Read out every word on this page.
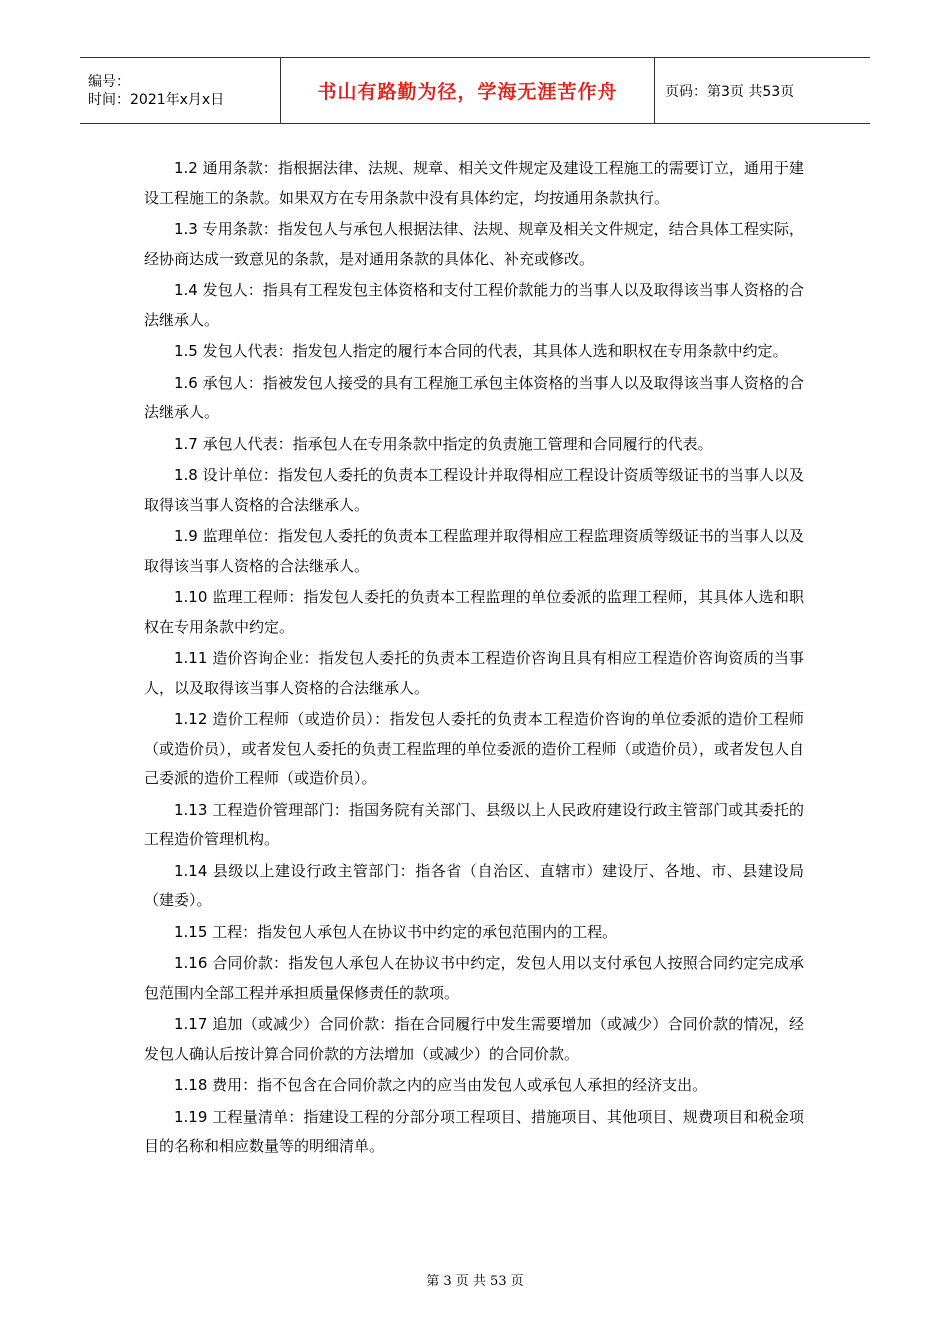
编号：
时间：2021年x月x日	书山有路勤为径，学海无涯苦作舟	页码：第3页 共53页

1.2 通用条款：指根据法律、法规、规章、相关文件规定及建设工程施工的需要订立，通用于建设工程施工的条款。如果双方在专用条款中没有具体约定，均按通用条款执行。

1.3 专用条款：指发包人与承包人根据法律、法规、规章及相关文件规定，结合具体工程实际，经协商达成一致意见的条款，是对通用条款的具体化、补充或修改。

1.4 发包人：指具有工程发包主体资格和支付工程价款能力的当事人以及取得该当事人资格的合法继承人。

1.5 发包人代表：指发包人指定的履行本合同的代表，其具体人选和职权在专用条款中约定。

1.6 承包人：指被发包人接受的具有工程施工承包主体资格的当事人以及取得该当事人资格的合法继承人。

1.7 承包人代表：指承包人在专用条款中指定的负责施工管理和合同履行的代表。

1.8 设计单位：指发包人委托的负责本工程设计并取得相应工程设计资质等级证书的当事人以及取得该当事人资格的合法继承人。

1.9 监理单位：指发包人委托的负责本工程监理并取得相应工程监理资质等级证书的当事人以及取得该当事人资格的合法继承人。

1.10 监理工程师：指发包人委托的负责本工程监理的单位委派的监理工程师，其具体人选和职权在专用条款中约定。

1.11 造价咨询企业：指发包人委托的负责本工程造价咨询且具有相应工程造价咨询资质的当事人，以及取得该当事人资格的合法继承人。

1.12 造价工程师（或造价员）：指发包人委托的负责本工程造价咨询的单位委派的造价工程师（或造价员），或者发包人委托的负责工程监理的单位委派的造价工程师（或造价员），或者发包人自己委派的造价工程师（或造价员）。

1.13 工程造价管理部门：指国务院有关部门、县级以上人民政府建设行政主管部门或其委托的工程造价管理机构。

1.14 县级以上建设行政主管部门：指各省（自治区、直辖市）建设厅、各地、市、县建设局（建委）。

1.15 工程：指发包人承包人在协议书中约定的承包范围内的工程。

1.16 合同价款：指发包人承包人在协议书中约定，发包人用以支付承包人按照合同约定完成承包范围内全部工程并承担质量保修责任的款项。

1.17 追加（或减少）合同价款：指在合同履行中发生需要增加（或减少）合同价款的情况，经发包人确认后按计算合同价款的方法增加（或减少）的合同价款。

1.18 费用：指不包含在合同价款之内的应当由发包人或承包人承担的经济支出。

1.19 工程量清单：指建设工程的分部分项工程项目、措施项目、其他项目、规费项目和税金项目的名称和相应数量等的明细清单。

第 3 页 共 53 页
